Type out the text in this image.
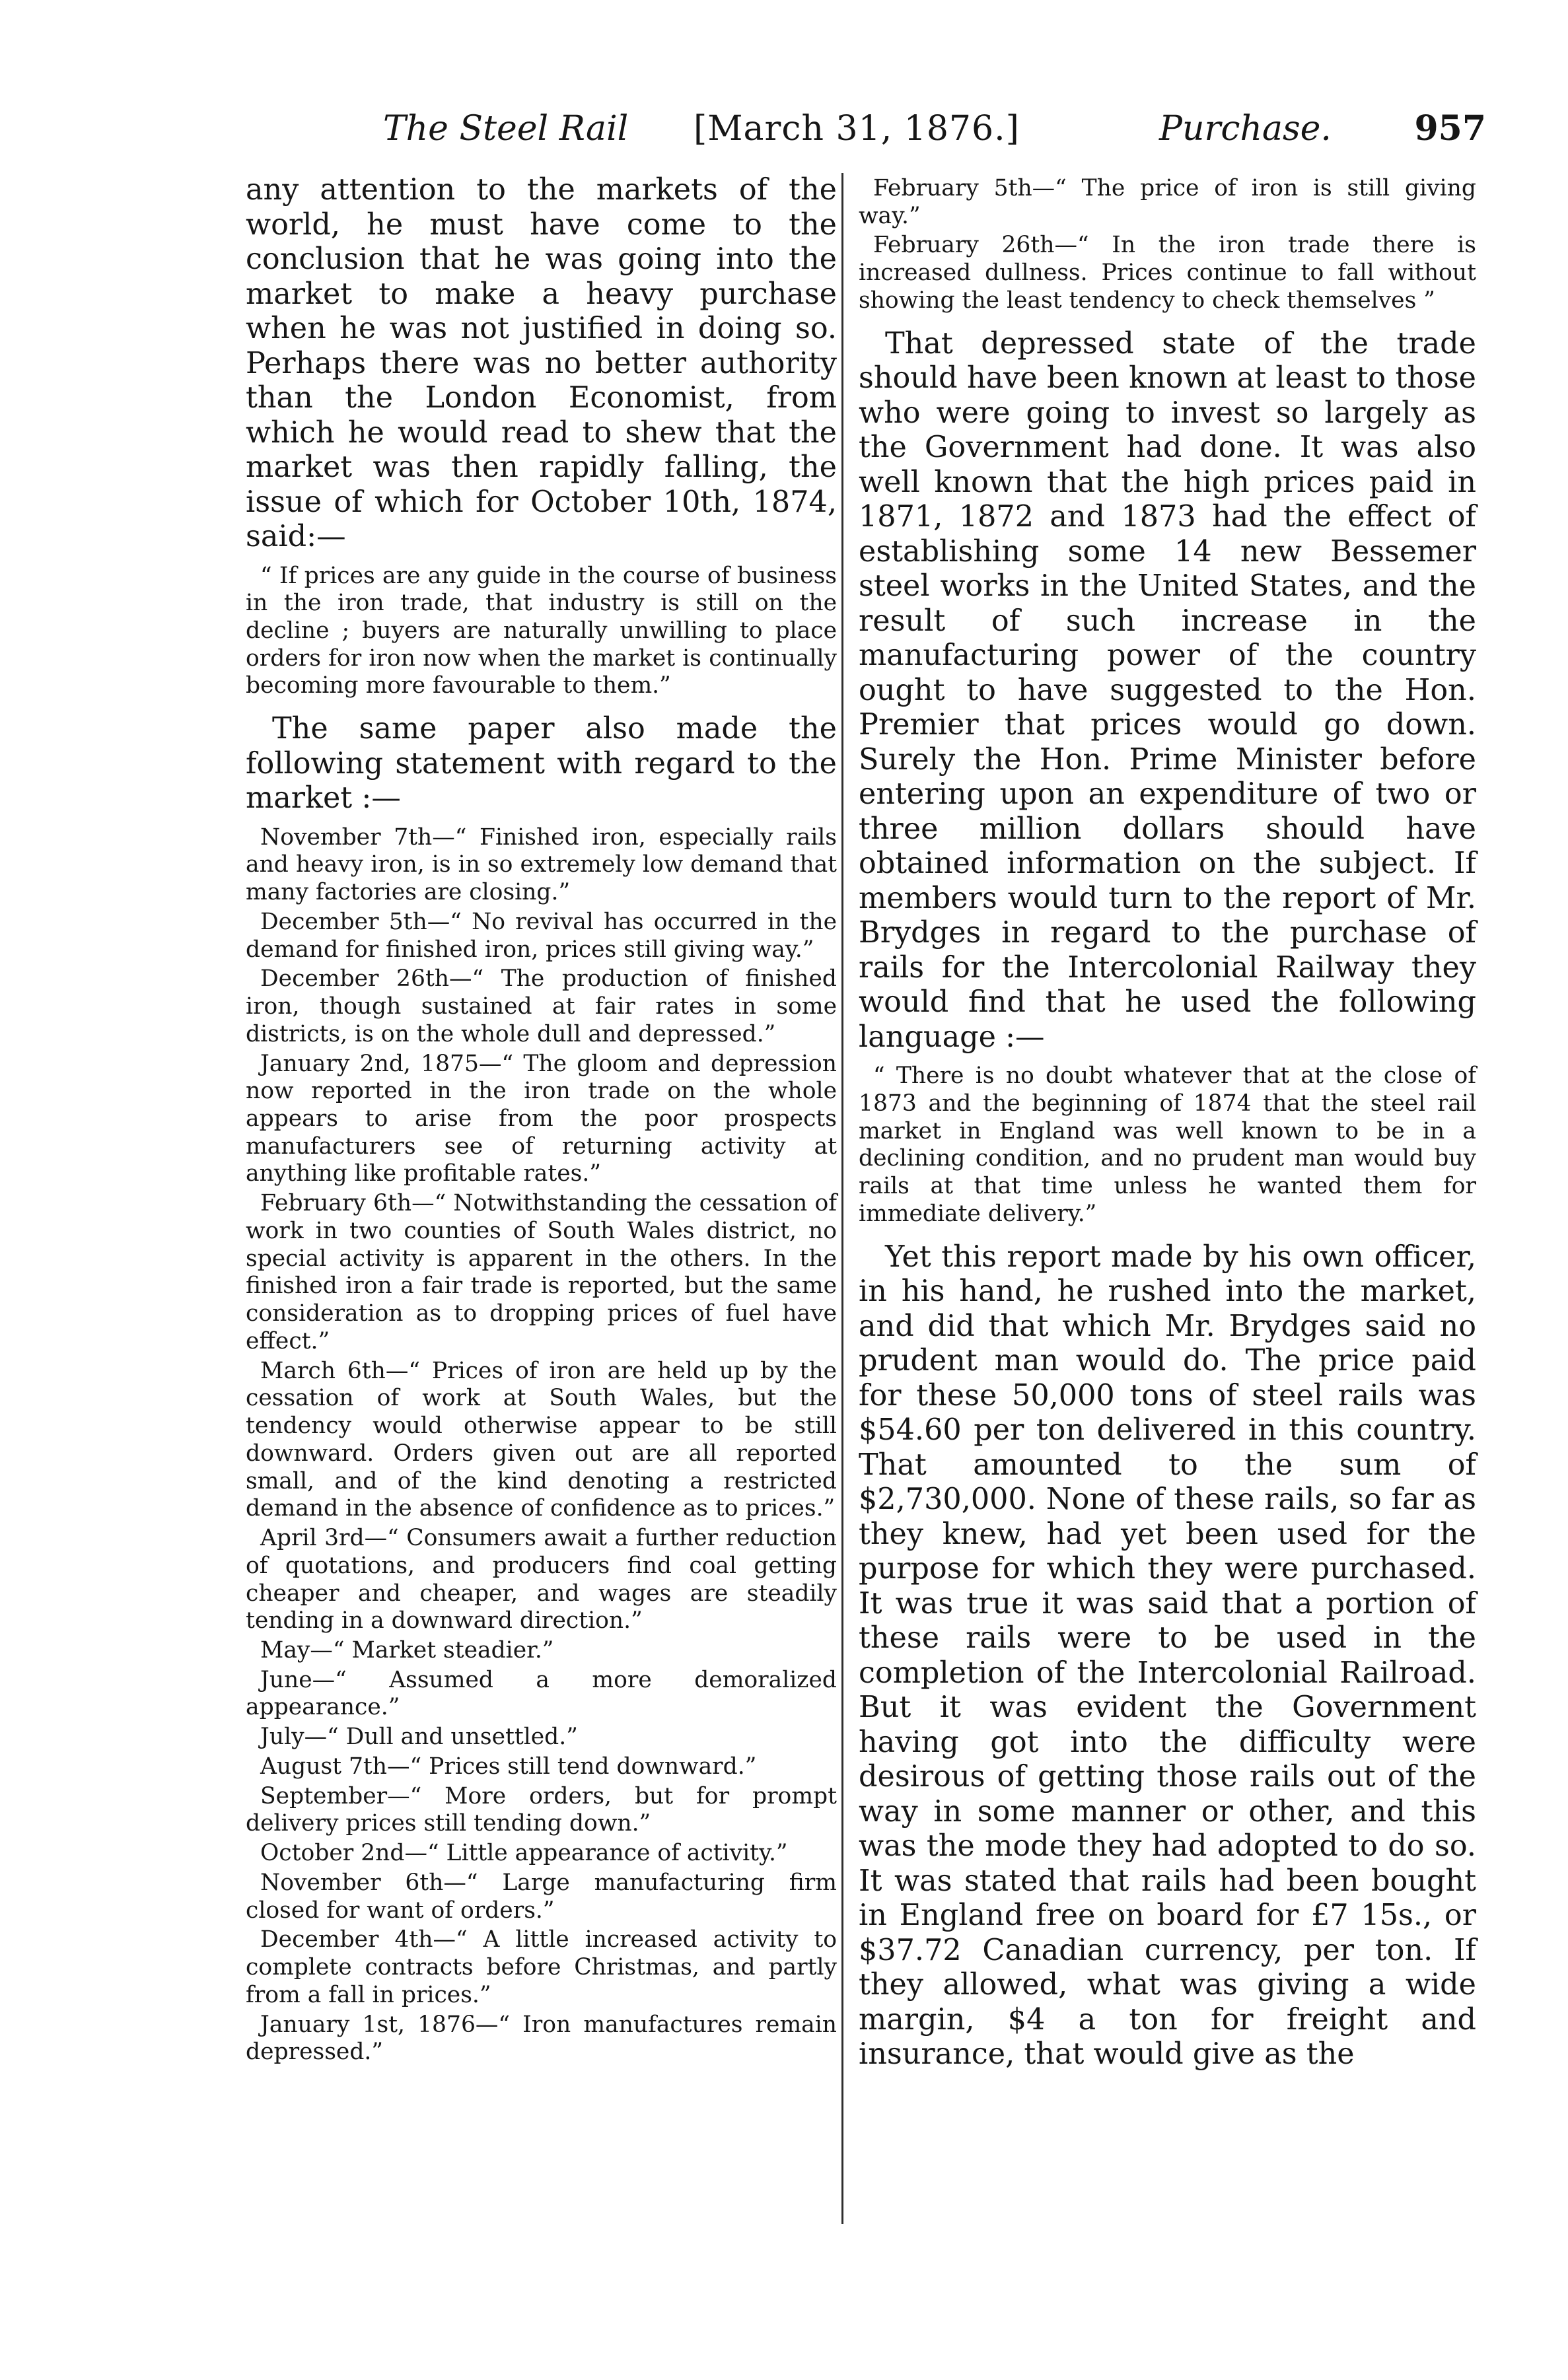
The Steel Rail [March 31, 1876.]	Purchase. 957

any attention to the markets of the world, he must have come to the conclusion that he was going into the market to make a heavy purchase when he was not justified in doing so. Perhaps there was no better authority than the London Economist, from which he would read to shew that the market was then rapidly falling, the issue of which for October 10th, 1874, said:—

“ If prices are any guide in the course of business in the iron trade, that industry is still on the decline ; buyers are naturally unwilling to place orders for iron now when the market is continually becoming more favourable to them.”

The same paper also made the following statement with regard to the market :—

November 7th—“ Finished iron, especially rails and heavy iron, is in so extremely low demand that many factories are closing.”

December 5th—“ No revival has occurred in the demand for finished iron, prices still giving way.”

December 26th—“ The production of finished iron, though sustained at fair rates in some districts, is on the whole dull and depressed.”

January 2nd, 1875—“ The gloom and depression now reported in the iron trade on the whole appears to arise from the poor prospects manufacturers see of returning activity at anything like profitable rates.”

February 6th—“ Notwithstanding the cessation of work in two counties of South Wales district, no special activity is apparent in the others. In the finished iron a fair trade is reported, but the same consideration as to dropping prices of fuel have effect.”

March 6th—“ Prices of iron are held up by the cessation of work at South Wales, but the tendency would otherwise appear to be still downward. Orders given out are all reported small, and of the kind denoting a restricted demand in the absence of confidence as to prices.”

April 3rd—“ Consumers await a further reduction of quotations, and producers find coal getting cheaper and cheaper, and wages are steadily tending in a downward direction.”

May—“ Market steadier.”

June—“ Assumed a more demoralized appearance.”

July—“ Dull and unsettled.”

August 7th—“ Prices still tend downward.”

September—“ More orders, but for prompt delivery prices still tending down.”

October 2nd—“ Little appearance of activity.”

November 6th—“ Large manufacturing firm closed for want of orders.”

December 4th—“ A little increased activity to complete contracts before Christmas, and partly from a fall in prices.”

January 1st, 1876—“ Iron manufactures remain depressed.”

February 5th—“ The price of iron is still giving way.”

February 26th—“ In the iron trade there is increased dullness. Prices continue to fall without showing the least tendency to check themselves ”

That depressed state of the trade should have been known at least to those who were going to invest so largely as the Government had done. It was also well known that the high prices paid in 1871, 1872 and 1873 had the effect of establishing some 14 new Bessemer steel works in the United States, and the result of such increase in the manufacturing power of the country ought to have suggested to the Hon. Premier that prices would go down. Surely the Hon. Prime Minister before entering upon an expenditure of two or three million dollars should have obtained information on the subject. If members would turn to the report of Mr. Brydges in regard to the purchase of rails for the Intercolonial Railway they would find that he used the following language :—

“ There is no doubt whatever that at the close of 1873 and the beginning of 1874 that the steel rail market in England was well known to be in a declining condition, and no prudent man would buy rails at that time unless he wanted them for immediate delivery.”

Yet this report made by his own officer, in his hand, he rushed into the market, and did that which Mr. Brydges said no prudent man would do. The price paid for these 50,000 tons of steel rails was $54.60 per ton delivered in this country. That amounted to the sum of $2,730,000. None of these rails, so far as they knew, had yet been used for the purpose for which they were purchased. It was true it was said that a portion of these rails were to be used in the completion of the Intercolonial Railroad. But it was evident the Government having got into the difficulty were desirous of getting those rails out of the way in some manner or other, and this was the mode they had adopted to do so. It was stated that rails had been bought in England free on board for £7 15s., or $37.72 Canadian currency, per ton. If they allowed, what was giving a wide margin, $4 a ton for freight and insurance, that would give as the
